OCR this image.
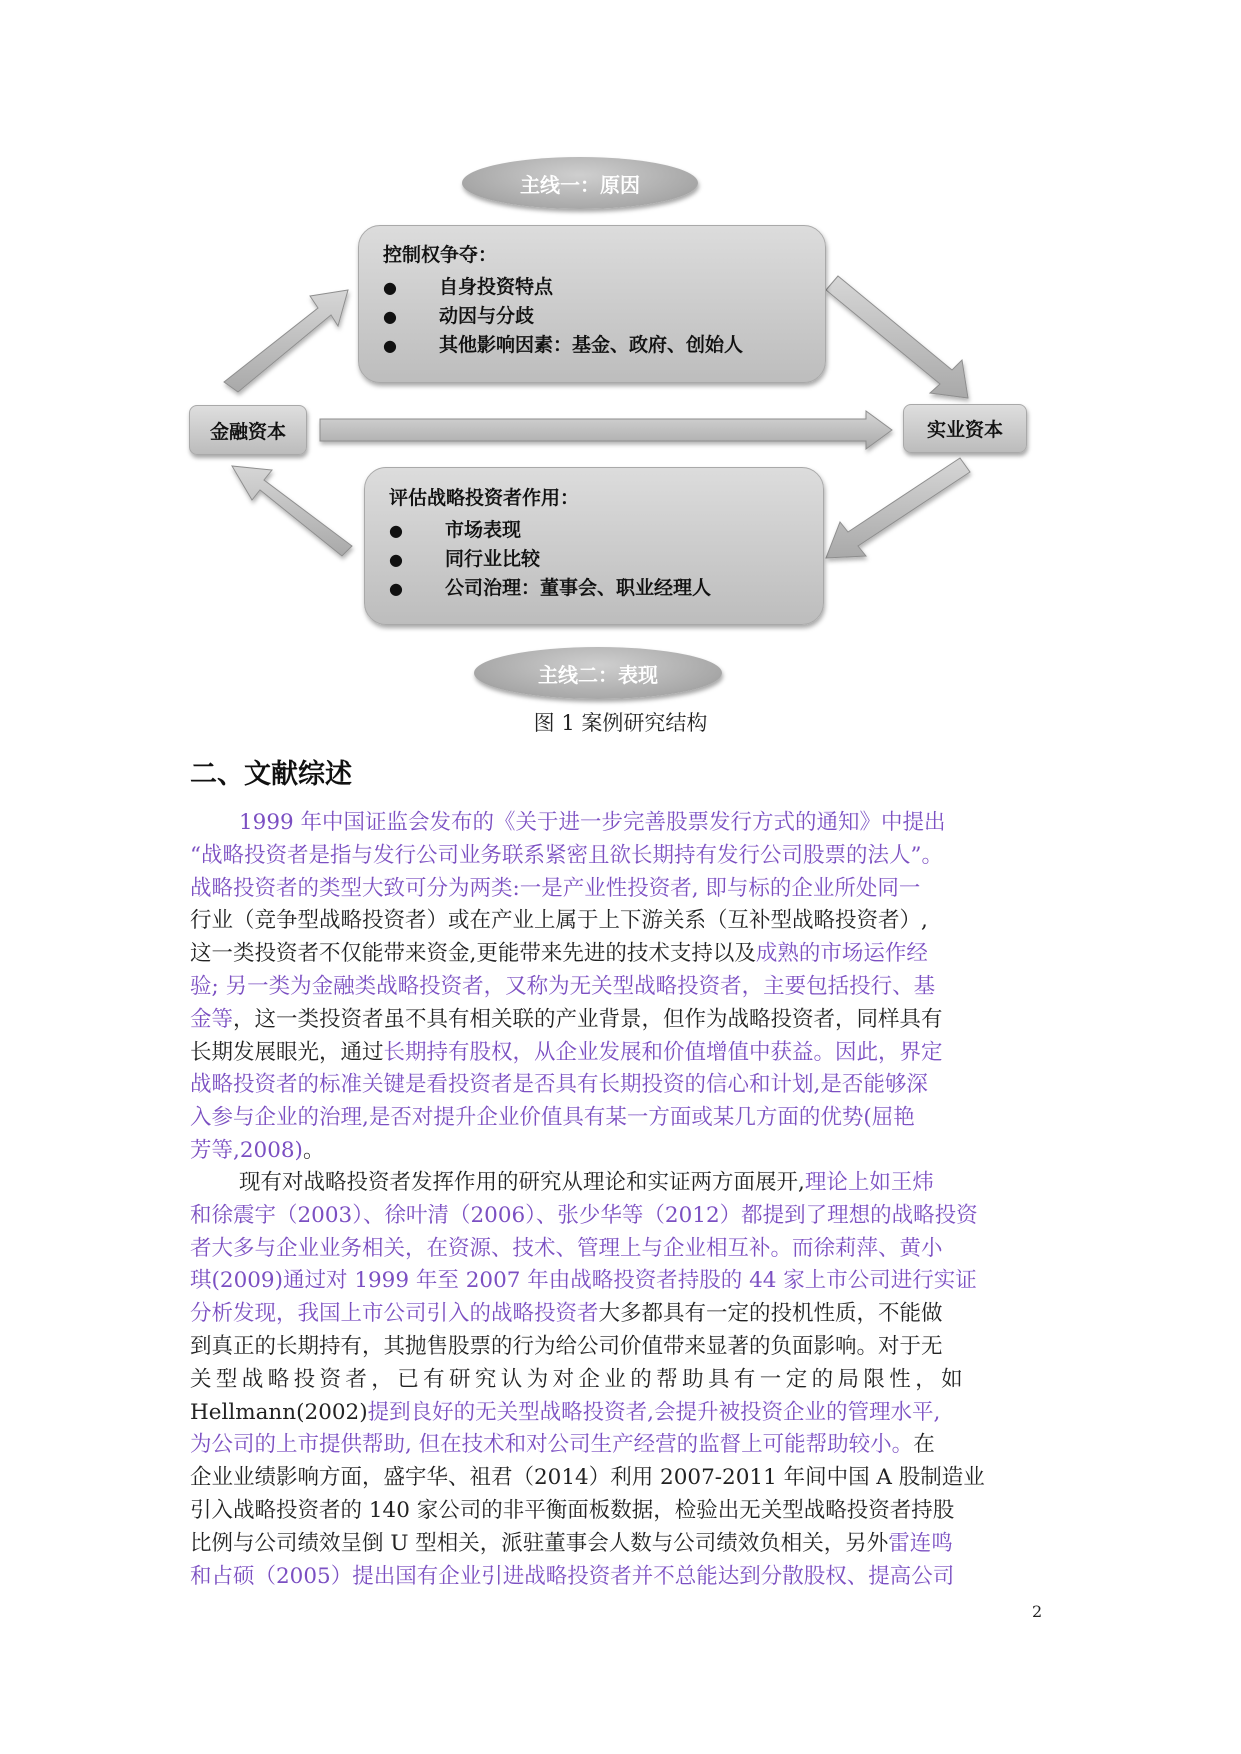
主线一：原因
控制权争夺：
●	自身投资特点
●	动因与分歧
●	其他影响因素：基金、政府、创始人
金融资本	实业资本
评估战略投资者作用：
●	市场表现
●	同行业比较
●	公司治理：董事会、职业经理人
主线二：表现
图 1 案例研究结构
二、文献综述
1999 年中国证监会发布的《关于进一步完善股票发行方式的通知》中提出
“战略投资者是指与发行公司业务联系紧密且欲长期持有发行公司股票的法人”。
战略投资者的类型大致可分为两类:一是产业性投资者, 即与标的企业所处同一
行业（竞争型战略投资者）或在产业上属于上下游关系（互补型战略投资者）,
这一类投资者不仅能带来资金,更能带来先进的技术支持以及成熟的市场运作经
验; 另一类为金融类战略投资者，又称为无关型战略投资者，主要包括投行、基
金等，这一类投资者虽不具有相关联的产业背景，但作为战略投资者，同样具有
长期发展眼光，通过长期持有股权，从企业发展和价值增值中获益。因此，界定
战略投资者的标准关键是看投资者是否具有长期投资的信心和计划,是否能够深
入参与企业的治理,是否对提升企业价值具有某一方面或某几方面的优势(屈艳
芳等,2008)。
现有对战略投资者发挥作用的研究从理论和实证两方面展开,理论上如王炜
和徐震宇（2003）、徐叶清（2006）、张少华等（2012）都提到了理想的战略投资
者大多与企业业务相关，在资源、技术、管理上与企业相互补。而徐莉萍、黄小
琪(2009)通过对 1999 年至 2007 年由战略投资者持股的 44 家上市公司进行实证
分析发现，我国上市公司引入的战略投资者大多都具有一定的投机性质，不能做
到真正的长期持有，其抛售股票的行为给公司价值带来显著的负面影响。对于无
关型战略投资者，已有研究认为对企业的帮助具有一定的局限性，如
Hellmann(2002)提到良好的无关型战略投资者,会提升被投资企业的管理水平,
为公司的上市提供帮助, 但在技术和对公司生产经营的监督上可能帮助较小。在
企业业绩影响方面，盛宇华、祖君（2014）利用 2007-2011 年间中国 A 股制造业
引入战略投资者的 140 家公司的非平衡面板数据，检验出无关型战略投资者持股
比例与公司绩效呈倒 U 型相关，派驻董事会人数与公司绩效负相关，另外雷连鸣
和占硕（2005）提出国有企业引进战略投资者并不总能达到分散股权、提高公司
2
